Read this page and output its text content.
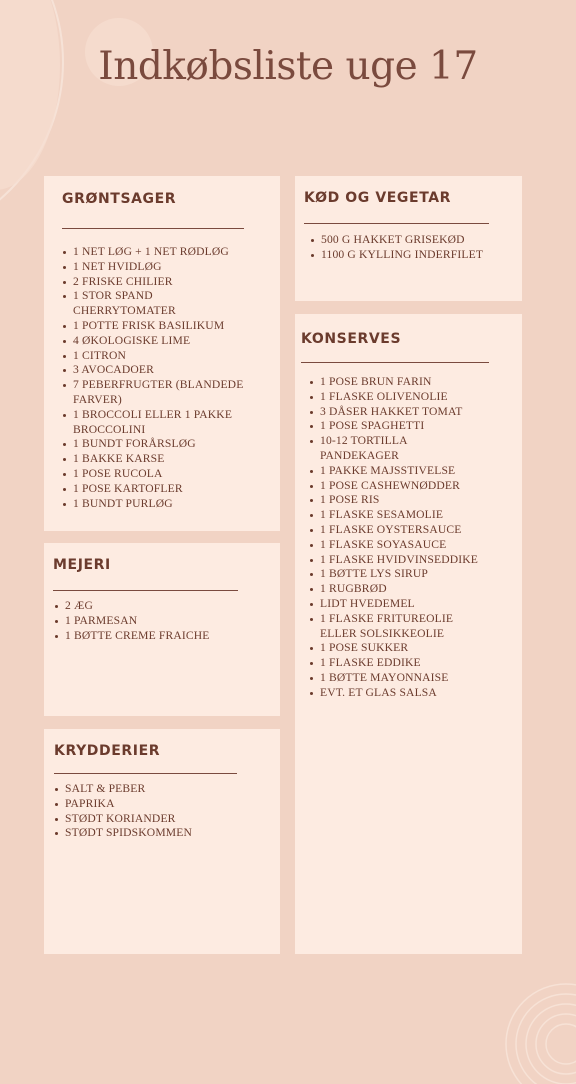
Indkøbsliste uge 17
GRØNTSAGER
1 NET LØG + 1 NET RØDLØG
1 NET HVIDLØG
2 FRISKE CHILIER
1 STOR SPAND CHERRYTOMATER
1 POTTE FRISK BASILIKUM
4 ØKOLOGISKE LIME
1 CITRON
3 AVOCADOER
7 PEBERFRUGTER (BLANDEDE FARVER)
1 BROCCOLI ELLER 1 PAKKE BROCCOLINI
1 BUNDT FORÅRSLØG
1 BAKKE KARSE
1 POSE RUCOLA
1 POSE KARTOFLER
1 BUNDT PURLØG
KØD OG VEGETAR
500 G HAKKET GRISEKØD
1100 G KYLLING INDERFILET
MEJERI
2 ÆG
1 PARMESAN
1 BØTTE CREME FRAICHE
KONSERVES
1 POSE BRUN FARIN
1 FLASKE OLIVENOLIE
3 DÅSER HAKKET TOMAT
1 POSE SPAGHETTI
10-12 TORTILLA PANDEKAGER
1 PAKKE MAJSSTIVELSE
1 POSE CASHEWNØDDER
1 POSE RIS
1 FLASKE SESAMOLIE
1 FLASKE OYSTERSAUCE
1 FLASKE SOYASAUCE
1 FLASKE HVIDVINSEDDIKE
1 BØTTE LYS SIRUP
1 RUGBRØD
LIDT HVEDEMEL
1 FLASKE FRITUREOLIE ELLER SOLSIKKEOLIE
1 POSE SUKKER
1 FLASKE EDDIKE
1 BØTTE MAYONNAISE
EVT. ET GLAS SALSA
KRYDDERIER
SALT & PEBER
PAPRIKA
STØDT KORIANDER
STØDT SPIDSKOMMEN
